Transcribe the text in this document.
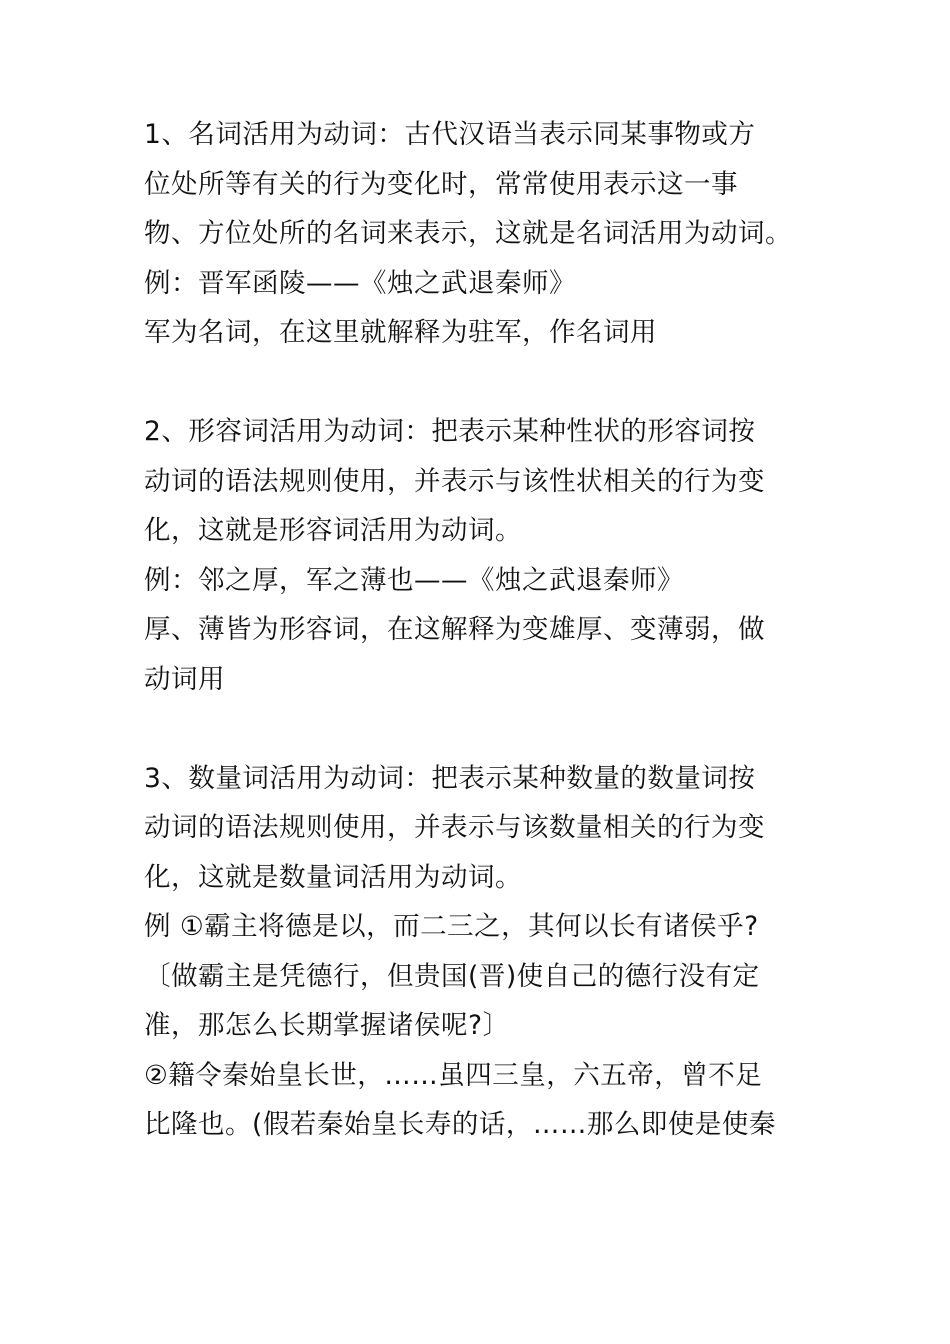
1、名词活用为动词：古代汉语当表示同某事物或方
位处所等有关的行为变化时，常常使用表示这一事
物、方位处所的名词来表示，这就是名词活用为动词。
例：晋军函陵——《烛之武退秦师》
军为名词，在这里就解释为驻军，作名词用
2、形容词活用为动词：把表示某种性状的形容词按
动词的语法规则使用，并表示与该性状相关的行为变
化，这就是形容词活用为动词。
例：邻之厚，军之薄也——《烛之武退秦师》
厚、薄皆为形容词，在这解释为变雄厚、变薄弱，做
动词用
3、数量词活用为动词：把表示某种数量的数量词按
动词的语法规则使用，并表示与该数量相关的行为变
化，这就是数量词活用为动词。
例 ①霸主将德是以，而二三之，其何以长有诸侯乎?
〔做霸主是凭德行，但贵国(晋)使自己的德行没有定
准，那怎么长期掌握诸侯呢?〕
②籍令秦始皇长世，……虽四三皇，六五帝，曾不足
比隆也。(假若秦始皇长寿的话，……那么即使是使秦
